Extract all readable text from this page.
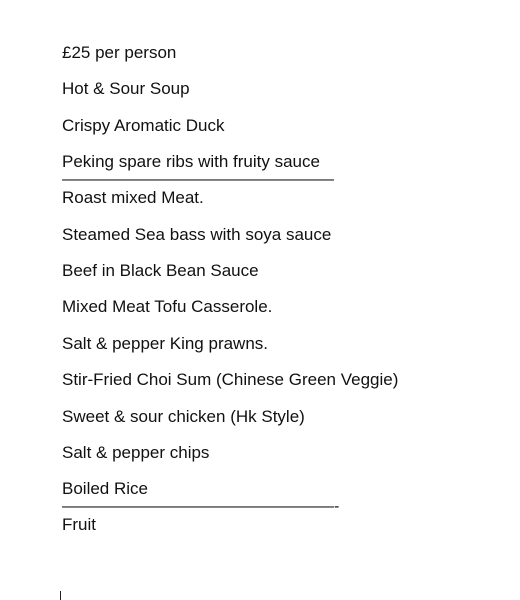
£25 per person
Hot & Sour Soup
Crispy Aromatic Duck
Peking spare ribs with fruity sauce
—————————————————
Roast mixed Meat.
Steamed Sea bass with soya sauce
Beef in Black Bean Sauce
Mixed Meat Tofu Casserole.
Salt & pepper King prawns.
Stir-Fried Choi Sum (Chinese Green Veggie)
Sweet & sour chicken (Hk Style)
Salt & pepper chips
Boiled Rice
—————————————————-
Fruit
